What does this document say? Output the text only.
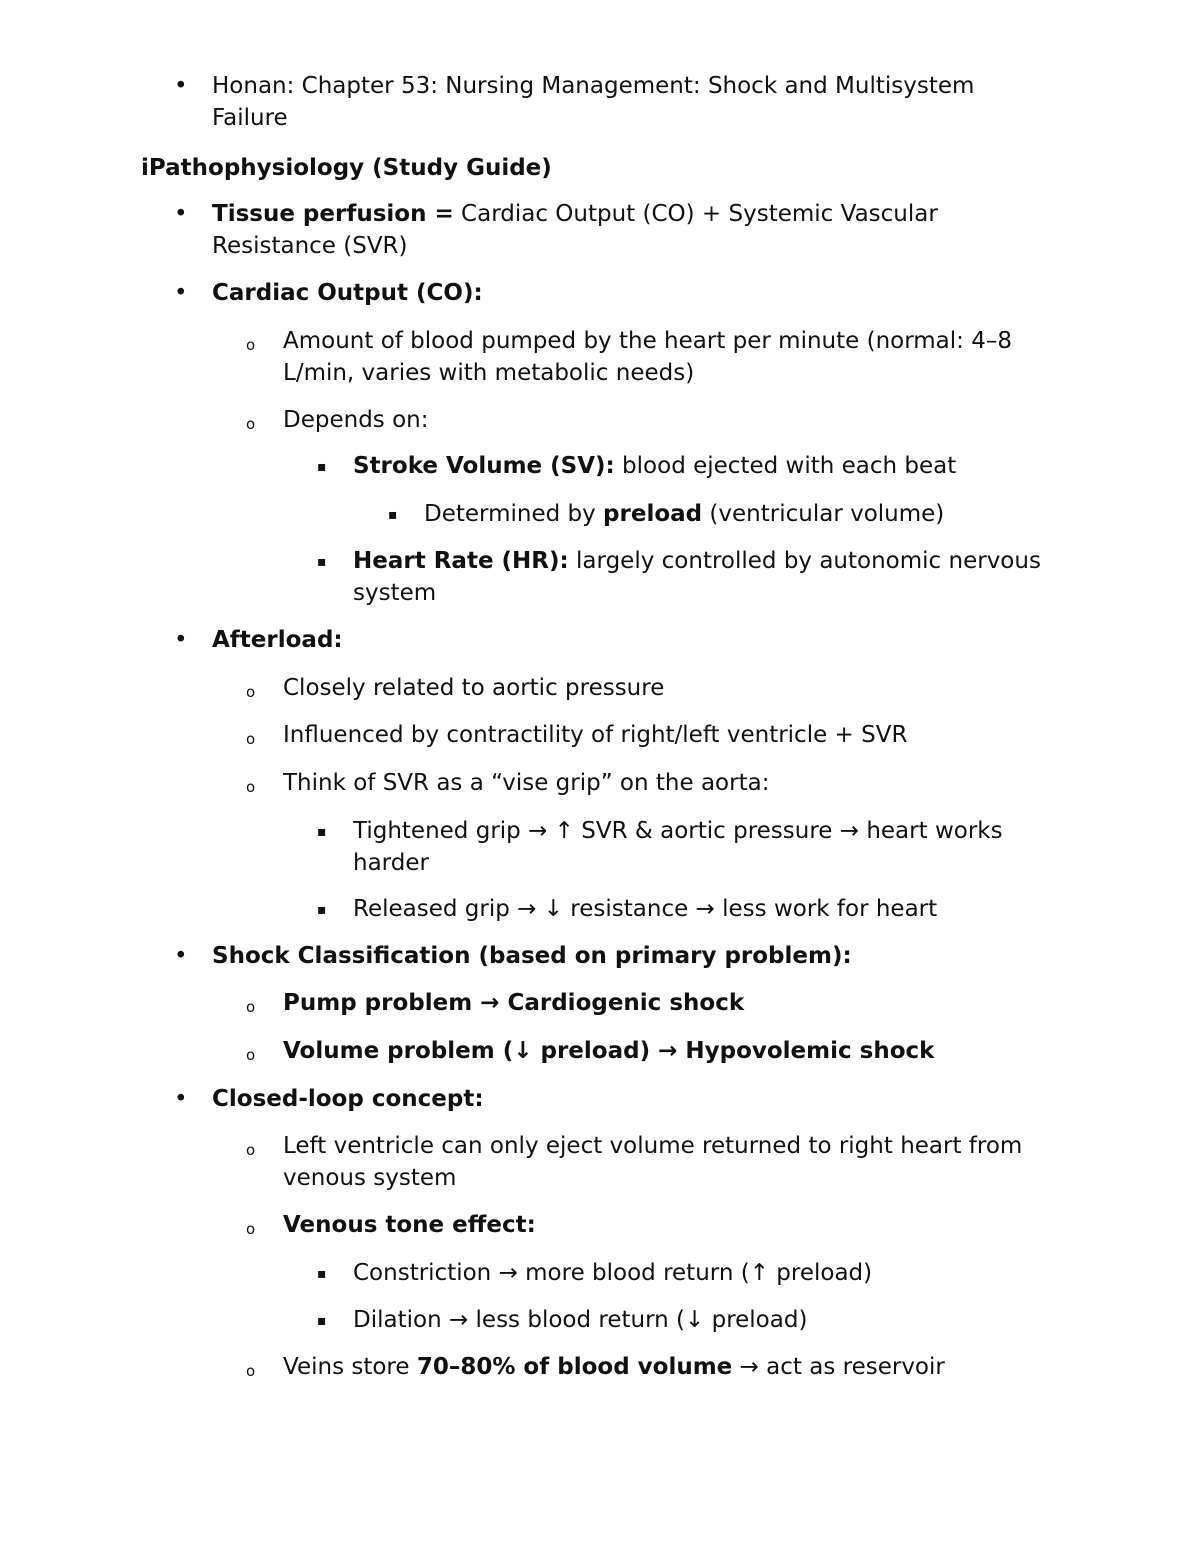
• Honan: Chapter 53: Nursing Management: Shock and Multisystem
Failure
iPathophysiology (Study Guide)
• Tissue perfusion = Cardiac Output (CO) + Systemic Vascular
Resistance (SVR)
• Cardiac Output (CO):
o Amount of blood pumped by the heart per minute (normal: 4–8
L/min, varies with metabolic needs)
o Depends on:
▪ Stroke Volume (SV): blood ejected with each beat
▪ Determined by preload (ventricular volume)
▪ Heart Rate (HR): largely controlled by autonomic nervous
system
• Afterload:
o Closely related to aortic pressure
o Influenced by contractility of right/left ventricle + SVR
o Think of SVR as a “vise grip” on the aorta:
▪ Tightened grip → ↑ SVR & aortic pressure → heart works
harder
▪ Released grip → ↓ resistance → less work for heart
• Shock Classification (based on primary problem):
o Pump problem → Cardiogenic shock
o Volume problem (↓ preload) → Hypovolemic shock
• Closed-loop concept:
o Left ventricle can only eject volume returned to right heart from
venous system
o Venous tone effect:
▪ Constriction → more blood return (↑ preload)
▪ Dilation → less blood return (↓ preload)
o Veins store 70–80% of blood volume → act as reservoir
